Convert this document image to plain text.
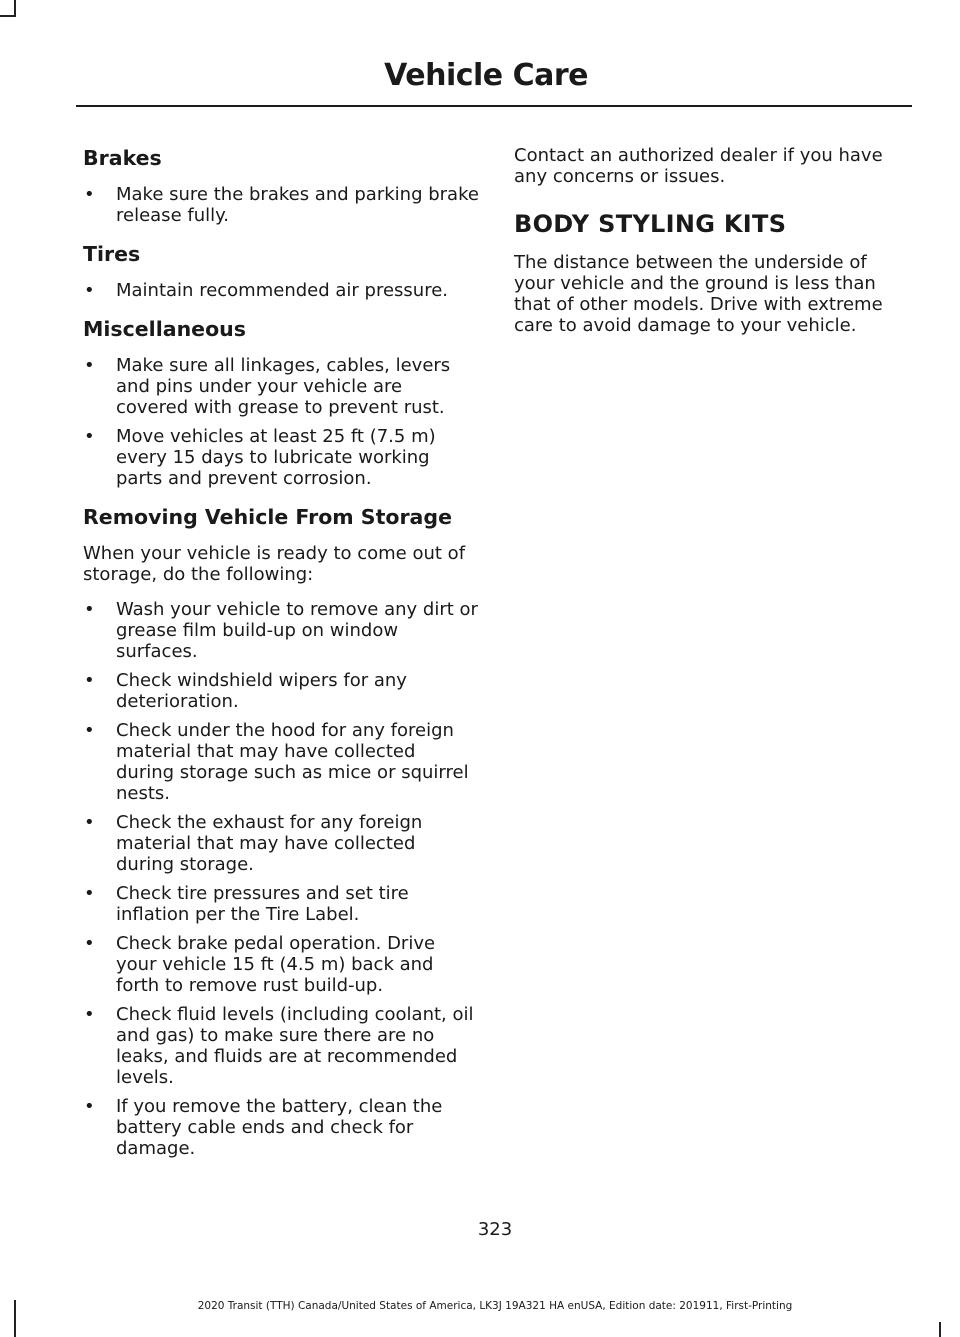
Vehicle Care
Brakes
• Make sure the brakes and parking brake release fully.
Tires
• Maintain recommended air pressure.
Miscellaneous
• Make sure all linkages, cables, levers and pins under your vehicle are covered with grease to prevent rust.
• Move vehicles at least 25 ft (7.5 m) every 15 days to lubricate working parts and prevent corrosion.
Removing Vehicle From Storage

When your vehicle is ready to come out of storage, do the following:

• Wash your vehicle to remove any dirt or grease film build-up on window surfaces.
• Check windshield wipers for any deterioration.
• Check under the hood for any foreign material that may have collected during storage such as mice or squirrel nests.
• Check the exhaust for any foreign material that may have collected during storage.
• Check tire pressures and set tire inflation per the Tire Label.
• Check brake pedal operation. Drive your vehicle 15 ft (4.5 m) back and forth to remove rust build-up.
• Check fluid levels (including coolant, oil and gas) to make sure there are no leaks, and fluids are at recommended levels.
• If you remove the battery, clean the battery cable ends and check for damage.

Contact an authorized dealer if you have any concerns or issues.

BODY STYLING KITS

The distance between the underside of your vehicle and the ground is less than that of other models. Drive with extreme care to avoid damage to your vehicle.

323
2020 Transit (TTH) Canada/United States of America, LK3J 19A321 HA enUSA, Edition date: 201911, First-Printing
